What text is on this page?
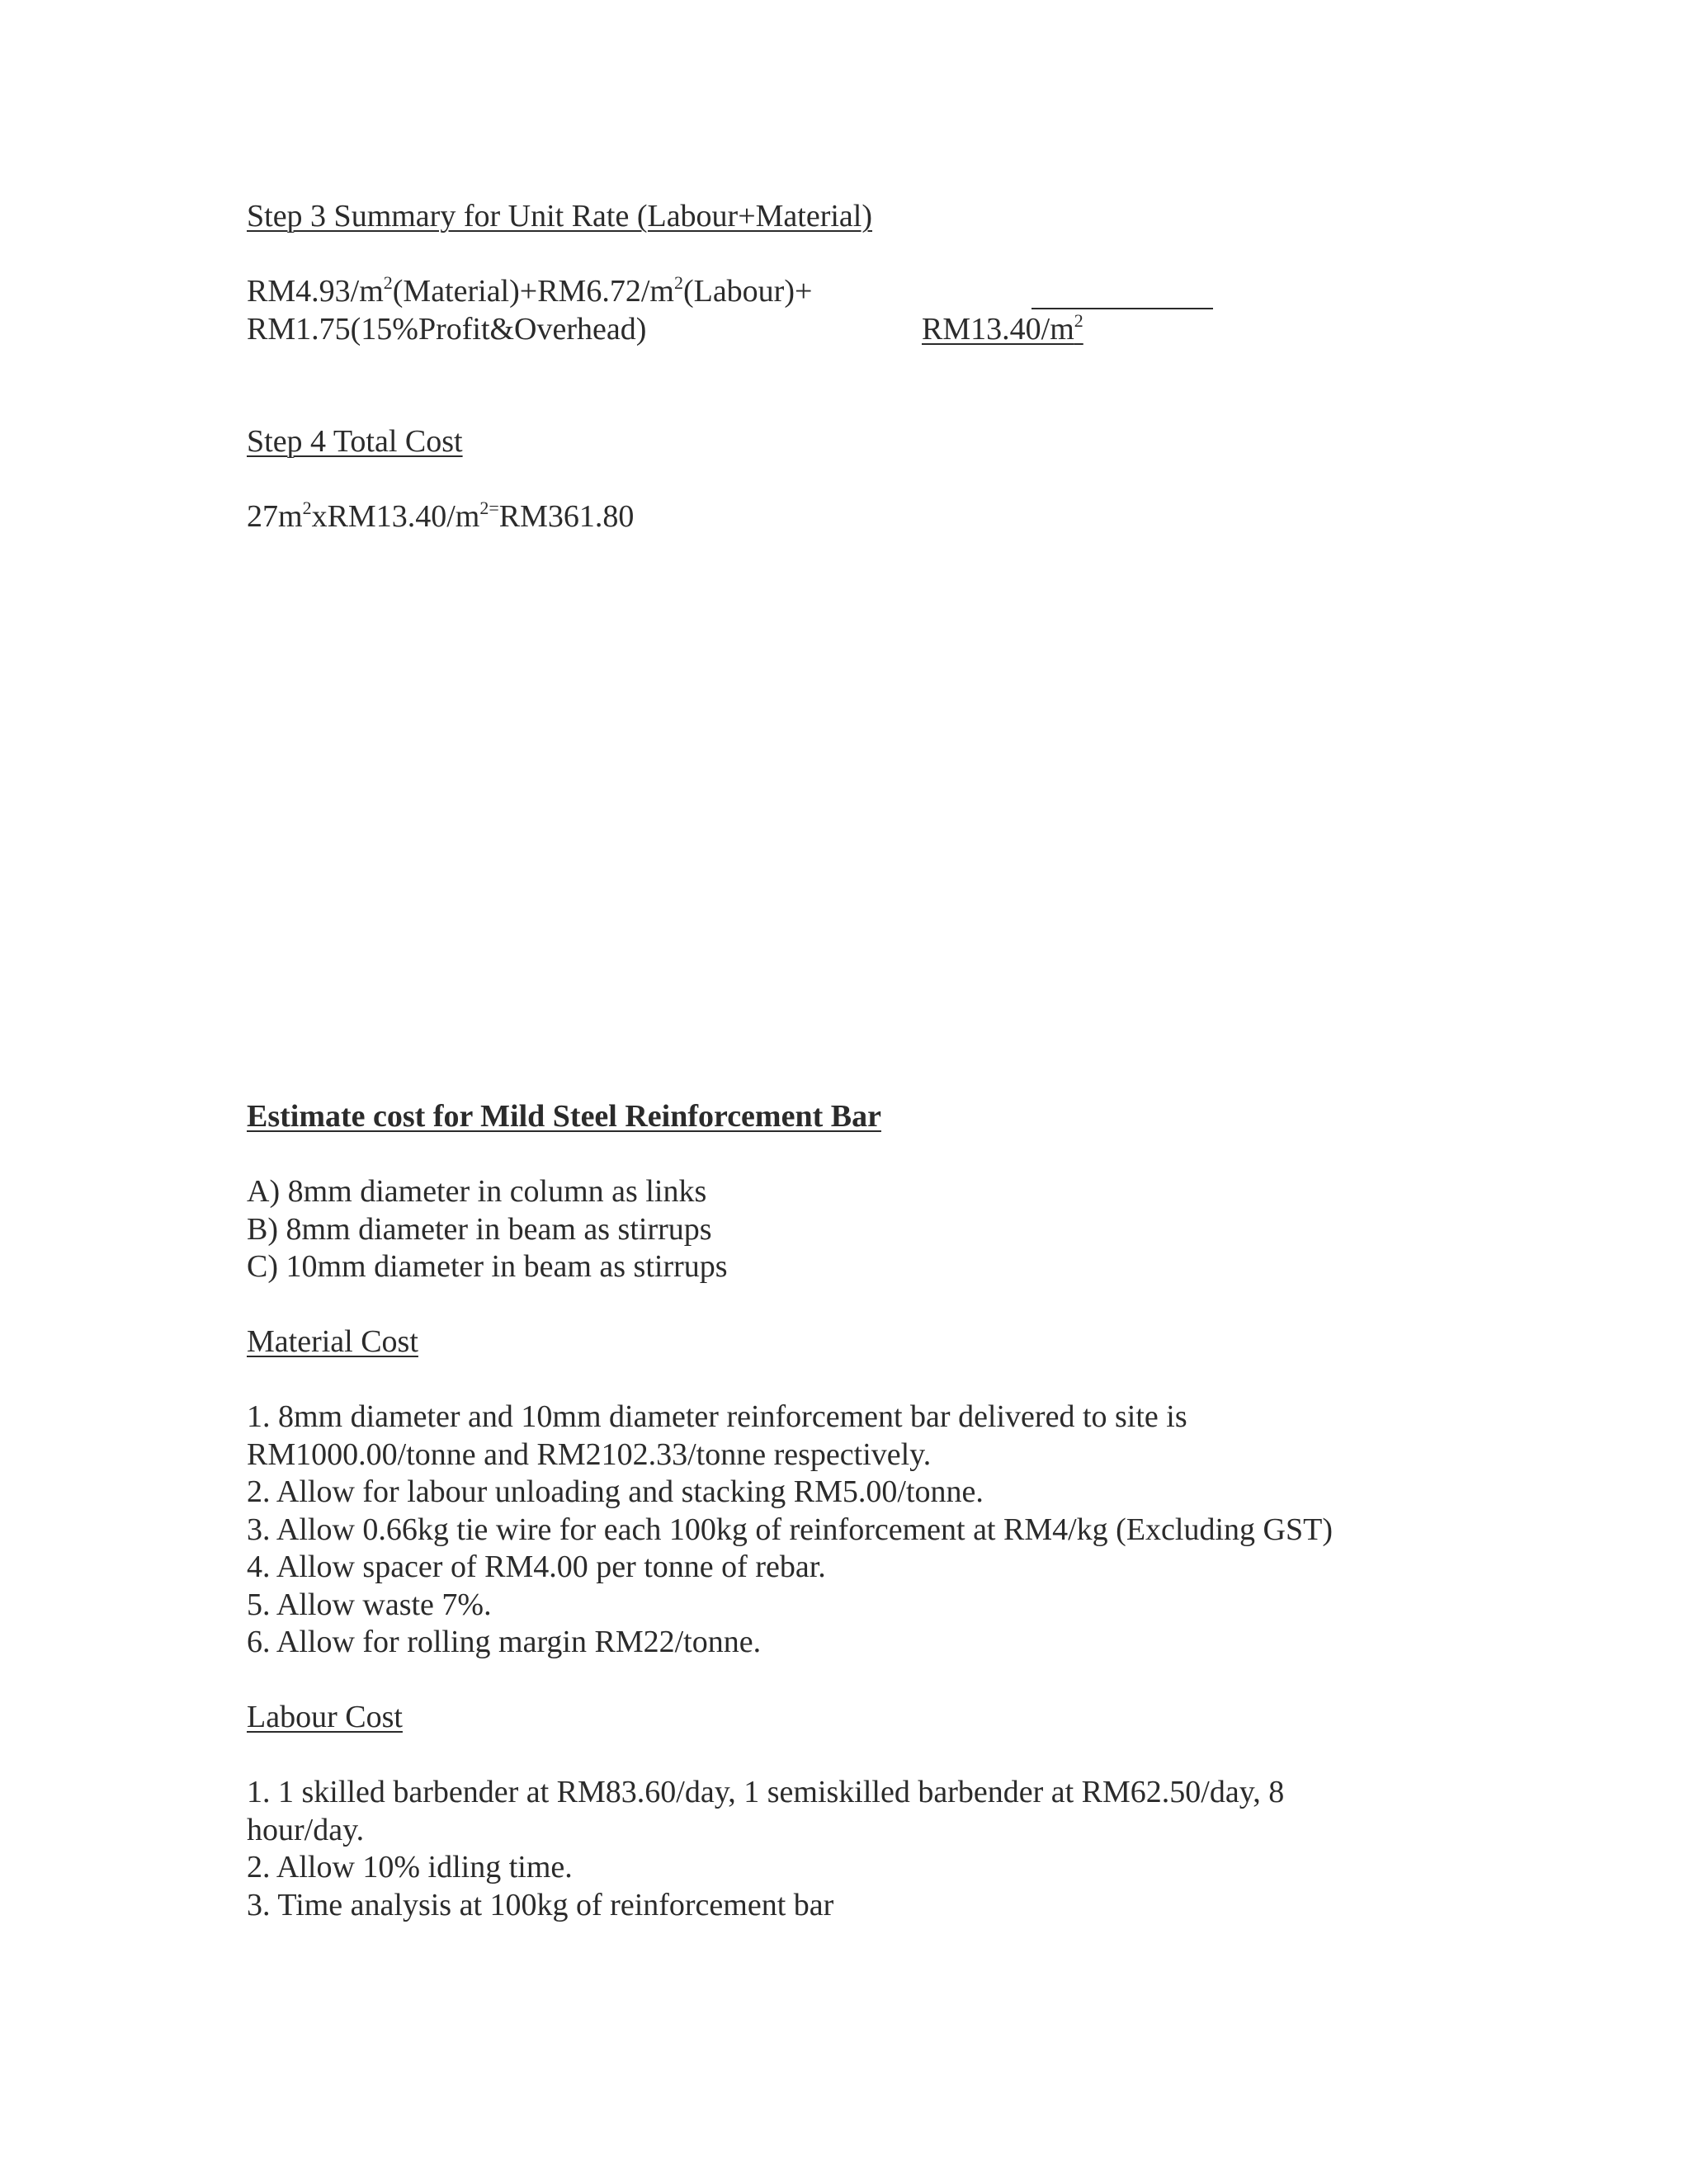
Step 3 Summary for Unit Rate (Labour+Material)
$RM4.93/m^2(Material)+RM6.72/m^2(Labour)+$
RM1.75(15%Profit&Overhead)	$RM13.40/m^2$
Step 4 Total Cost
$27m^2xRM13.40/m^{2=}RM361.80$
Estimate cost for Mild Steel Reinforcement Bar
A) 8mm diameter in column as links
B) 8mm diameter in beam as stirrups
C) 10mm diameter in beam as stirrups
Material Cost
1. 8mm diameter and 10mm diameter reinforcement bar delivered to site is
RM1000.00/tonne and RM2102.33/tonne respectively.
2. Allow for labour unloading and stacking RM5.00/tonne.
3. Allow 0.66kg tie wire for each 100kg of reinforcement at RM4/kg (Excluding GST)
4. Allow spacer of RM4.00 per tonne of rebar.
5. Allow waste 7%.
6. Allow for rolling margin RM22/tonne.
Labour Cost
1. 1 skilled barbender at RM83.60/day, 1 semiskilled barbender at RM62.50/day, 8
hour/day.
2. Allow 10% idling time.
3. Time analysis at 100kg of reinforcement bar
